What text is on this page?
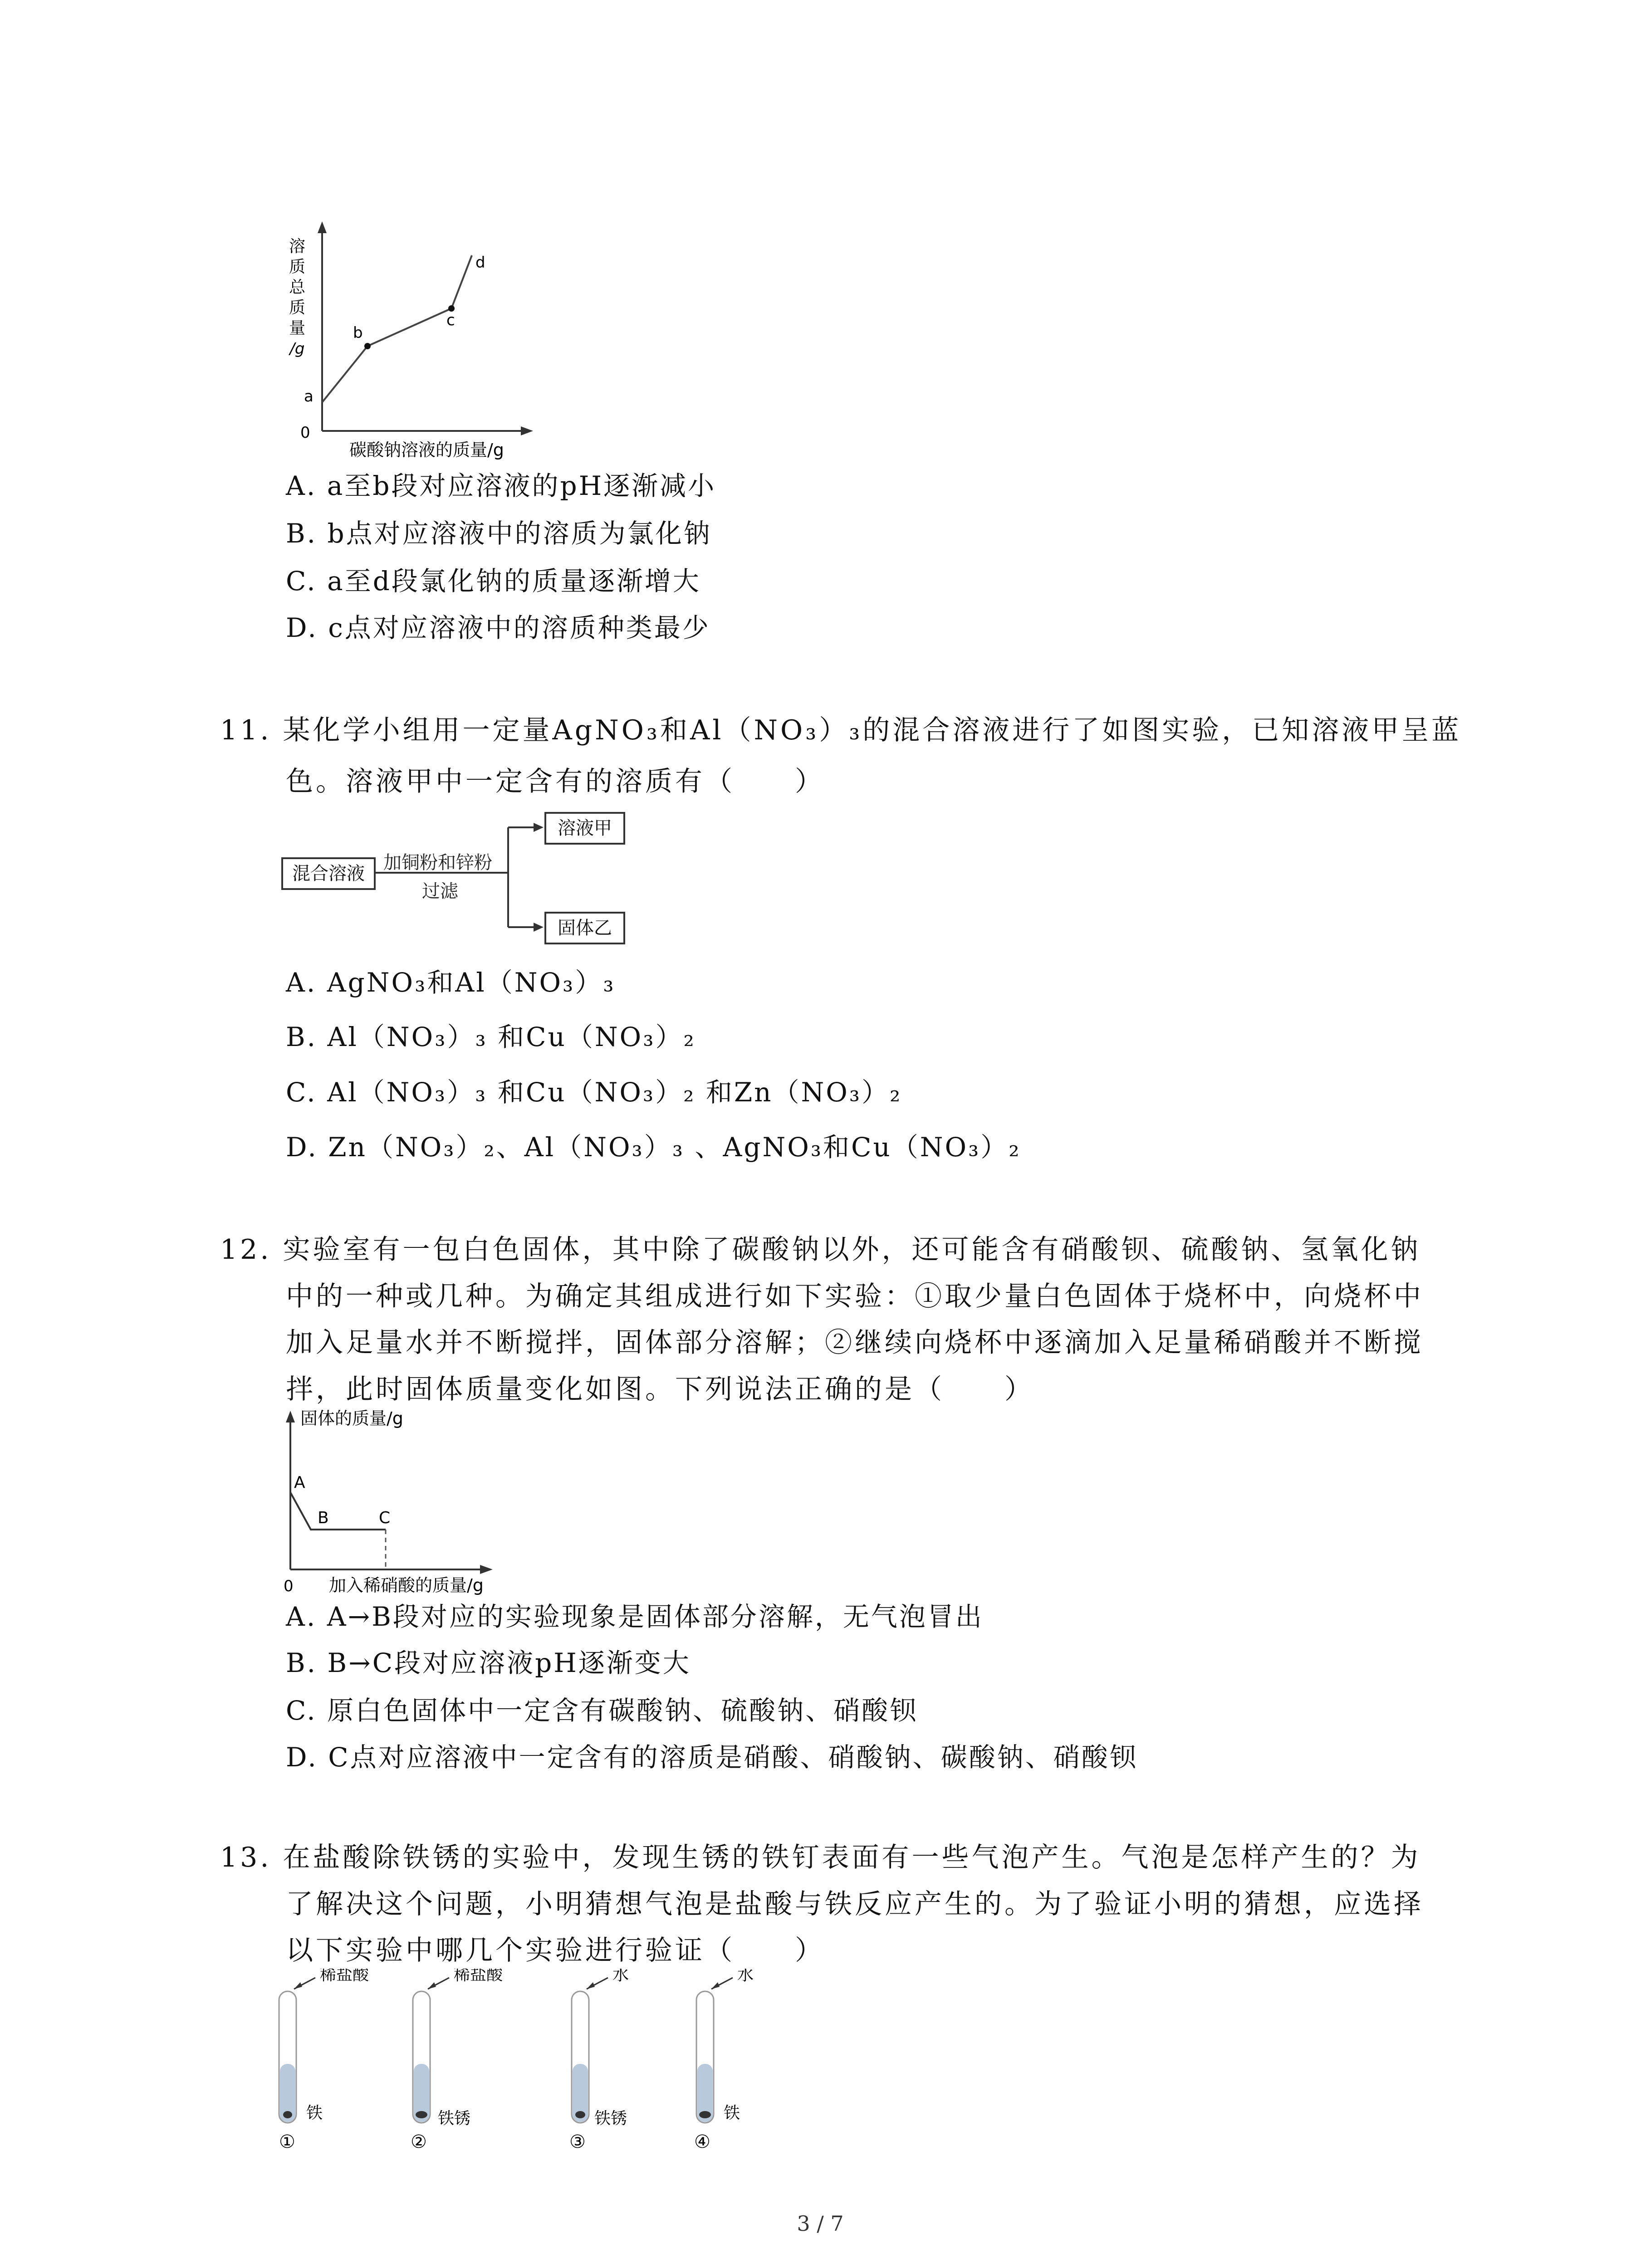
溶
质
总
质
量
/g
a
b
c
d
0
碳酸钠溶液的质量/g
A. a至b段对应溶液的pH逐渐减小
B. b点对应溶液中的溶质为氯化钠
C. a至d段氯化钠的质量逐渐增大
D. c点对应溶液中的溶质种类最少
11. 某化学小组用一定量AgNO₃和Al（NO₃）₃的混合溶液进行了如图实验，已知溶液甲呈蓝
色。溶液甲中一定含有的溶质有（　　）
混合溶液
溶液甲
固体乙
加铜粉和锌粉
过滤
A. AgNO₃和Al（NO₃）₃
B. Al（NO₃）₃ 和Cu（NO₃）₂
C. Al（NO₃）₃ 和Cu（NO₃）₂ 和Zn（NO₃）₂
D. Zn（NO₃）₂、Al（NO₃）₃ 、AgNO₃和Cu（NO₃）₂
12. 实验室有一包白色固体，其中除了碳酸钠以外，还可能含有硝酸钡、硫酸钠、氢氧化钠
中的一种或几种。为确定其组成进行如下实验：①取少量白色固体于烧杯中，向烧杯中
加入足量水并不断搅拌，固体部分溶解；②继续向烧杯中逐滴加入足量稀硝酸并不断搅
拌，此时固体质量变化如图。下列说法正确的是（　　）
固体的质量/g
A
B	C
0 加入稀硝酸的质量/g
A. A→B段对应的实验现象是固体部分溶解，无气泡冒出
B. B→C段对应溶液pH逐渐变大
C. 原白色固体中一定含有碳酸钠、硫酸钠、硝酸钡
D. C点对应溶液中一定含有的溶质是硝酸、硝酸钠、碳酸钠、硝酸钡
13. 在盐酸除铁锈的实验中，发现生锈的铁钉表面有一些气泡产生。气泡是怎样产生的？为
了解决这个问题，小明猜想气泡是盐酸与铁反应产生的。为了验证小明的猜想，应选择
以下实验中哪几个实验进行验证（　　）
稀盐酸
铁
①
稀盐酸
铁锈
②
水
铁锈
③
水
铁
④
3 / 7
